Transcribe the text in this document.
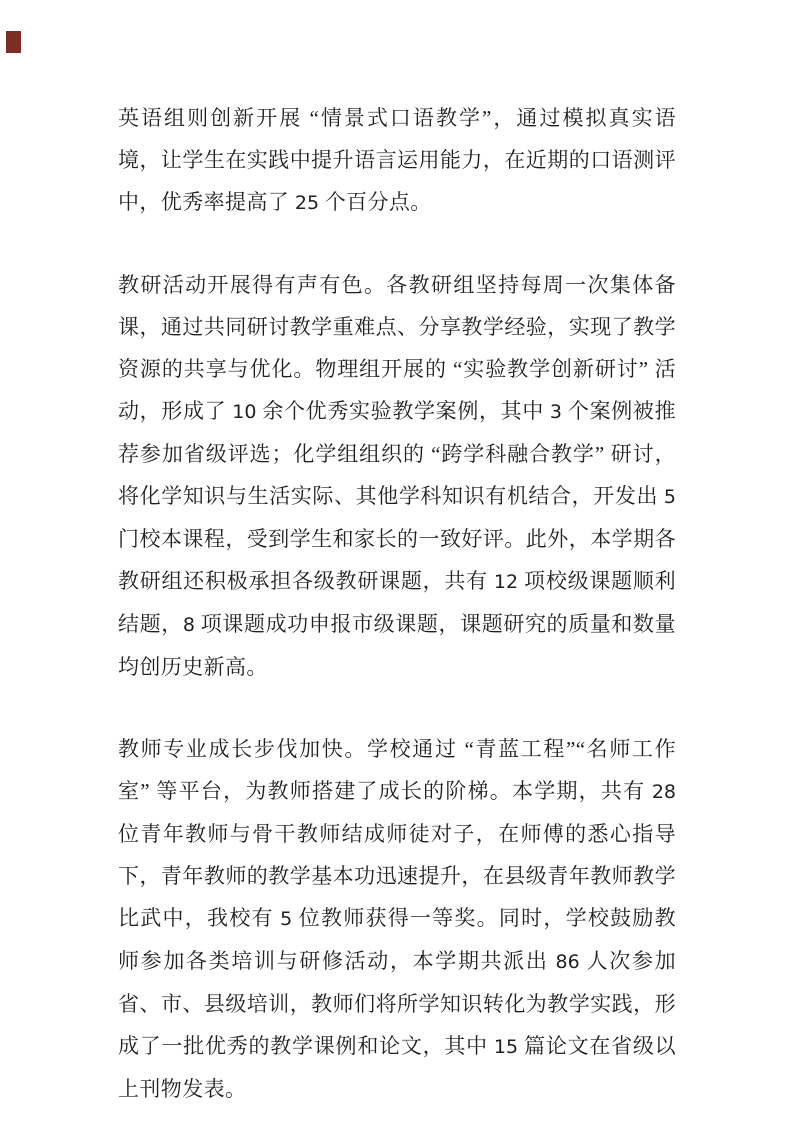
英语组则创新开展 “情景式口语教学”，通过模拟真实语境，让学生在实践中提升语言运用能力，在近期的口语测评中，优秀率提高了 25 个百分点。

教研活动开展得有声有色。各教研组坚持每周一次集体备课，通过共同研讨教学重难点、分享教学经验，实现了教学资源的共享与优化。物理组开展的 “实验教学创新研讨” 活动，形成了 10 余个优秀实验教学案例，其中 3 个案例被推荐参加省级评选；化学组组织的 “跨学科融合教学” 研讨，将化学知识与生活实际、其他学科知识有机结合，开发出 5 门校本课程，受到学生和家长的一致好评。此外，本学期各教研组还积极承担各级教研课题，共有 12 项校级课题顺利结题，8 项课题成功申报市级课题，课题研究的质量和数量均创历史新高。

教师专业成长步伐加快。学校通过 “青蓝工程”“名师工作室” 等平台，为教师搭建了成长的阶梯。本学期，共有 28 位青年教师与骨干教师结成师徒对子，在师傅的悉心指导下，青年教师的教学基本功迅速提升，在县级青年教师教学比武中，我校有 5 位教师获得一等奖。同时，学校鼓励教师参加各类培训与研修活动，本学期共派出 86 人次参加省、市、县级培训，教师们将所学知识转化为教学实践，形成了一批优秀的教学课例和论文，其中 15 篇论文在省级以上刊物发表。
